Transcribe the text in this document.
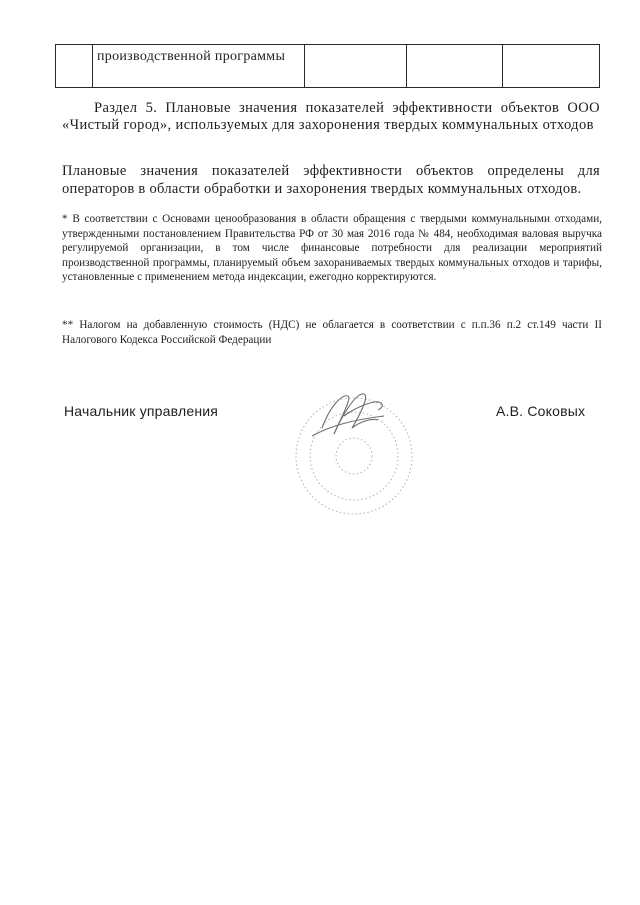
	производственной программы			
Раздел 5. Плановые значения показателей эффективности объектов ООО «Чистый город», используемых для захоронения твердых коммунальных отходов
Плановые значения показателей эффективности объектов определены для операторов в области обработки и захоронения твердых коммунальных отходов.
* В соответствии с Основами ценообразования в области обращения с твердыми коммунальными отходами, утвержденными постановлением Правительства РФ от 30 мая 2016 года № 484, необходимая валовая выручка регулируемой организации, в том числе финансовые потребности для реализации мероприятий производственной программы, планируемый объем захораниваемых твердых коммунальных отходов и тарифы, установленные с применением метода индексации, ежегодно корректируются.
** Налогом на добавленную стоимость (НДС) не облагается в соответствии с п.п.36 п.2 ст.149 части II Налогового Кодекса Российской Федерации
Начальник управления	А.В. Соковых
